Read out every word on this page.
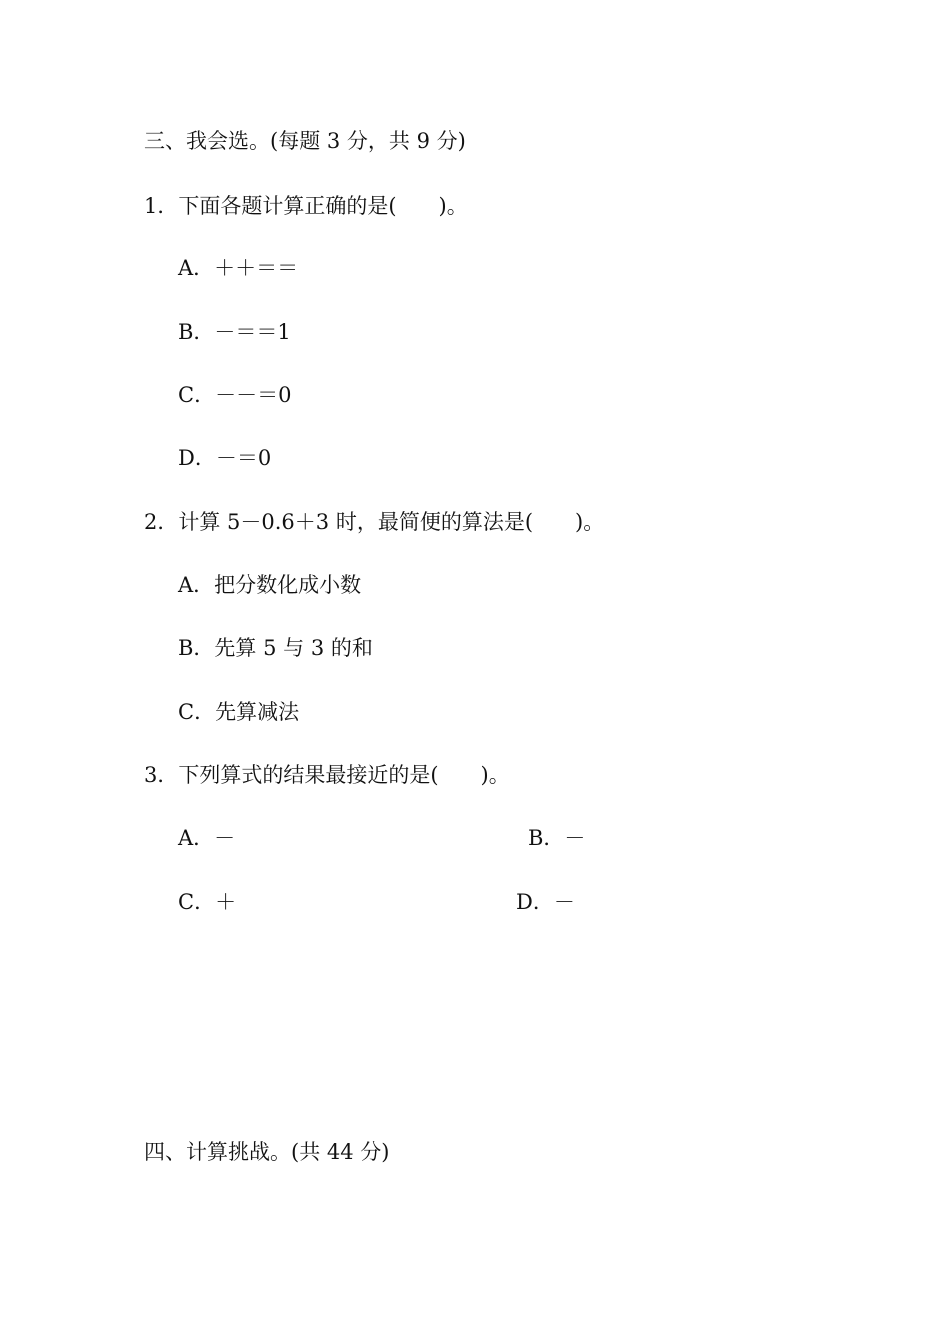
三、我会选。(每题 3 分，共 9 分)
1．下面各题计算正确的是(　　)。
A．＋＋＝＝
B．－＝＝1
C．－－＝0
D．－＝0
2．计算 5－0.6＋3 时，最简便的算法是(　　)。
A．把分数化成小数
B．先算 5 与 3 的和
C．先算减法
3．下列算式的结果最接近的是(　　)。
A．－	B．－
C．＋	D．－
四、计算挑战。(共 44 分)
